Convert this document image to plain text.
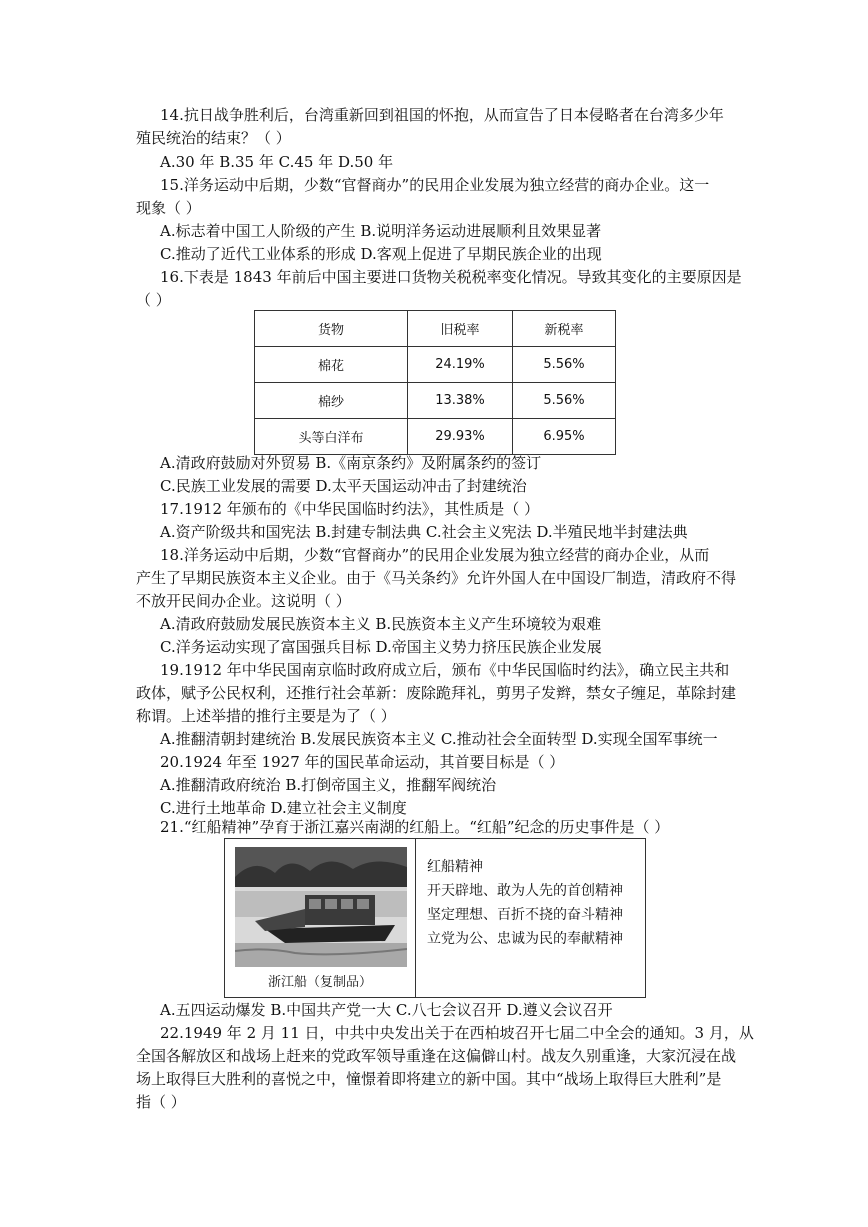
14.抗日战争胜利后，台湾重新回到祖国的怀抱，从而宣告了日本侵略者在台湾多少年
殖民统治的结束？（ ）
A.30 年 B.35 年 C.45 年 D.50 年
15.洋务运动中后期，少数“官督商办”的民用企业发展为独立经营的商办企业。这一
现象（ ）
A.标志着中国工人阶级的产生 B.说明洋务运动进展顺利且效果显著
C.推动了近代工业体系的形成 D.客观上促进了早期民族企业的出现
16.下表是 1843 年前后中国主要进口货物关税税率变化情况。导致其变化的主要原因是
（ ）
货物	旧税率	新税率
棉花	24.19%	5.56%
棉纱	13.38%	5.56%
头等白洋布	29.93%	6.95%
A.清政府鼓励对外贸易 B.《南京条约》及附属条约的签订
C.民族工业发展的需要 D.太平天国运动冲击了封建统治
17.1912 年颁布的《中华民国临时约法》，其性质是（ ）
A.资产阶级共和国宪法 B.封建专制法典 C.社会主义宪法 D.半殖民地半封建法典
18.洋务运动中后期，少数“官督商办”的民用企业发展为独立经营的商办企业，从而
产生了早期民族资本主义企业。由于《马关条约》允许外国人在中国设厂制造，清政府不得
不放开民间办企业。这说明（ ）
A.清政府鼓励发展民族资本主义 B.民族资本主义产生环境较为艰难
C.洋务运动实现了富国强兵目标 D.帝国主义势力挤压民族企业发展
19.1912 年中华民国南京临时政府成立后，颁布《中华民国临时约法》，确立民主共和
政体，赋予公民权利，还推行社会革新：废除跪拜礼，剪男子发辫，禁女子缠足，革除封建
称谓。上述举措的推行主要是为了（ ）
A.推翻清朝封建统治 B.发展民族资本主义 C.推动社会全面转型 D.实现全国军事统一
20.1924 年至 1927 年的国民革命运动，其首要目标是（ ）
A.推翻清政府统治 B.打倒帝国主义，推翻军阀统治
C.进行土地革命 D.建立社会主义制度
21.“红船精神”孕育于浙江嘉兴南湖的红船上。“红船”纪念的历史事件是（ ）
浙江船（复制品）
红船精神
开天辟地、敢为人先的首创精神
坚定理想、百折不挠的奋斗精神
立党为公、忠诚为民的奉献精神
A.五四运动爆发 B.中国共产党一大 C.八七会议召开 D.遵义会议召开
22.1949 年 2 月 11 日，中共中央发出关于在西柏坡召开七届二中全会的通知。3 月，从
全国各解放区和战场上赶来的党政军领导重逢在这偏僻山村。战友久别重逢，大家沉浸在战
场上取得巨大胜利的喜悦之中，憧憬着即将建立的新中国。其中“战场上取得巨大胜利”是
指（ ）
